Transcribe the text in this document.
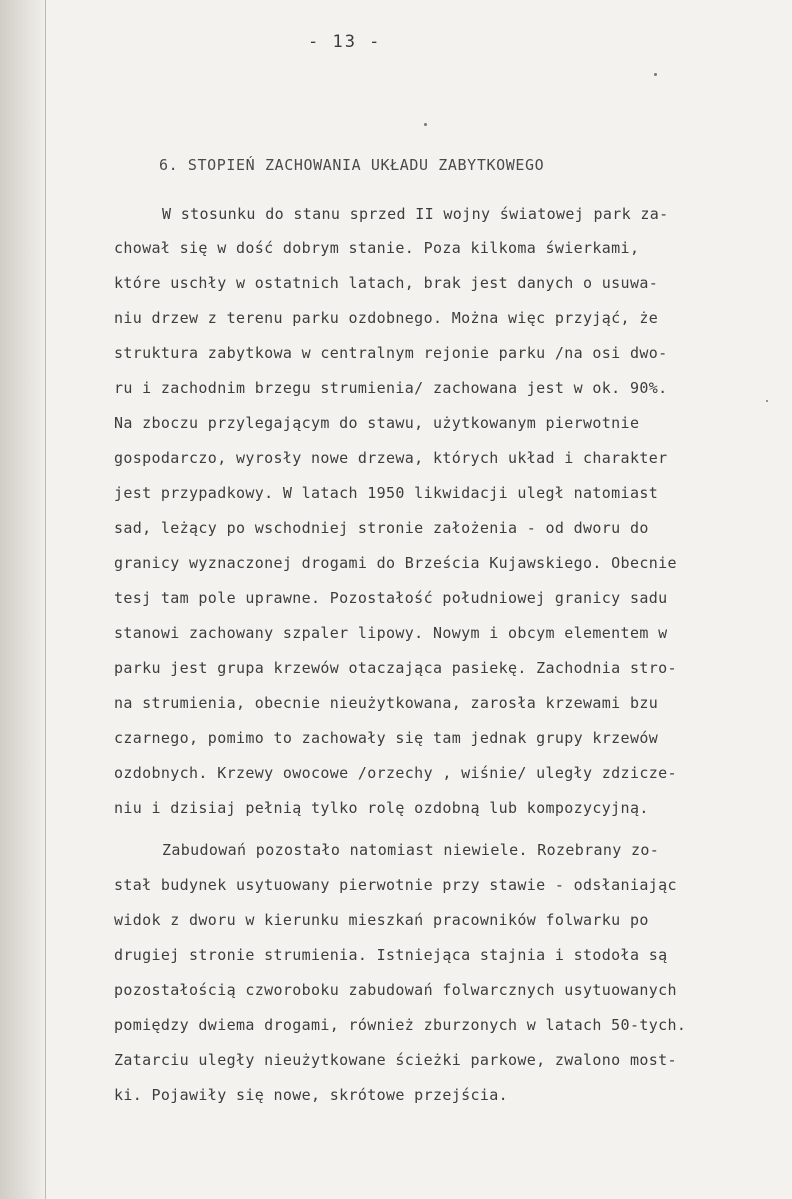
- 13 -
6. STOPIEŃ ZACHOWANIA UKŁADU ZABYTKOWEGO
W stosunku do stanu sprzed II wojny światowej park za-
chował się w dość dobrym stanie. Poza kilkoma świerkami,
które uschły w ostatnich latach, brak jest danych o usuwa-
niu drzew z terenu parku ozdobnego. Można więc przyjąć, że
struktura zabytkowa w centralnym rejonie parku /na osi dwo-
ru i zachodnim brzegu strumienia/ zachowana jest w ok. 90%.
Na zboczu przylegającym do stawu, użytkowanym pierwotnie
gospodarczo, wyrosły nowe drzewa, których układ i charakter
jest przypadkowy. W latach 1950 likwidacji uległ natomiast
sad, leżący po wschodniej stronie założenia - od dworu do
granicy wyznaczonej drogami do Brześcia Kujawskiego. Obecnie
tesj tam pole uprawne. Pozostałość południowej granicy sadu
stanowi zachowany szpaler lipowy. Nowym i obcym elementem w
parku jest grupa krzewów otaczająca pasiekę. Zachodnia stro-
na strumienia, obecnie nieużytkowana, zarosła krzewami bzu
czarnego, pomimo to zachowały się tam jednak grupy krzewów
ozdobnych. Krzewy owocowe /orzechy , wiśnie/ uległy zdzicze-
niu i dzisiaj pełnią tylko rolę ozdobną lub kompozycyjną.
Zabudowań pozostało natomiast niewiele. Rozebrany zo-
stał budynek usytuowany pierwotnie przy stawie - odsłaniając
widok z dworu w kierunku mieszkań pracowników folwarku po
drugiej stronie strumienia. Istniejąca stajnia i stodoła są
pozostałością czworoboku zabudowań folwarcznych usytuowanych
pomiędzy dwiema drogami, również zburzonych w latach 50-tych.
Zatarciu uległy nieużytkowane ścieżki parkowe, zwalono most-
ki. Pojawiły się nowe, skrótowe przejścia.
